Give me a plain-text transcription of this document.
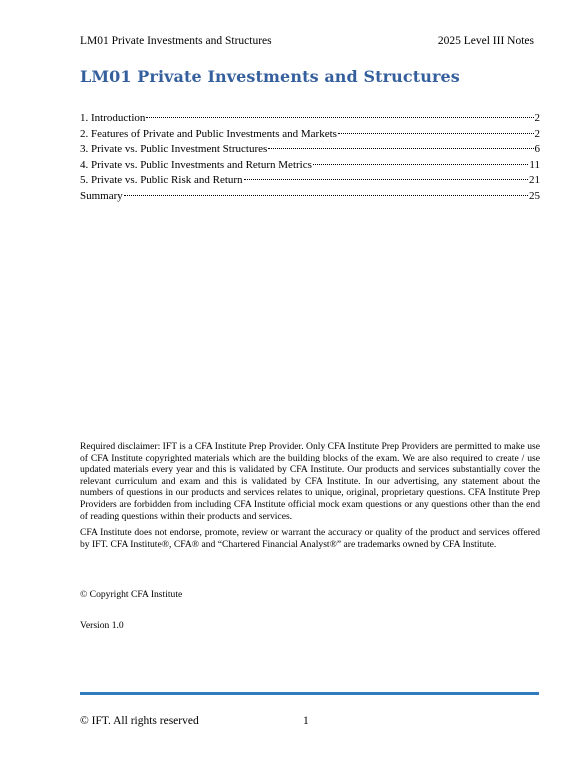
LM01 Private Investments and Structures	2025 Level III Notes
LM01 Private Investments and Structures
1. Introduction	2
2. Features of Private and Public Investments and Markets	2
3. Private vs. Public Investment Structures	6
4. Private vs. Public Investments and Return Metrics	11
5. Private vs. Public Risk and Return	21
Summary	25

Required disclaimer: IFT is a CFA Institute Prep Provider. Only CFA Institute Prep Providers are permitted to make use of CFA Institute copyrighted materials which are the building blocks of the exam. We are also required to create / use updated materials every year and this is validated by CFA Institute. Our products and services substantially cover the relevant curriculum and exam and this is validated by CFA Institute. In our advertising, any statement about the numbers of questions in our products and services relates to unique, original, proprietary questions. CFA Institute Prep Providers are forbidden from including CFA Institute official mock exam questions or any questions other than the end of reading questions within their products and services.

CFA Institute does not endorse, promote, review or warrant the accuracy or quality of the product and services offered by IFT. CFA Institute®, CFA® and “Chartered Financial Analyst®” are trademarks owned by CFA Institute.

© Copyright CFA Institute
Version 1.0
© IFT. All rights reserved	1
